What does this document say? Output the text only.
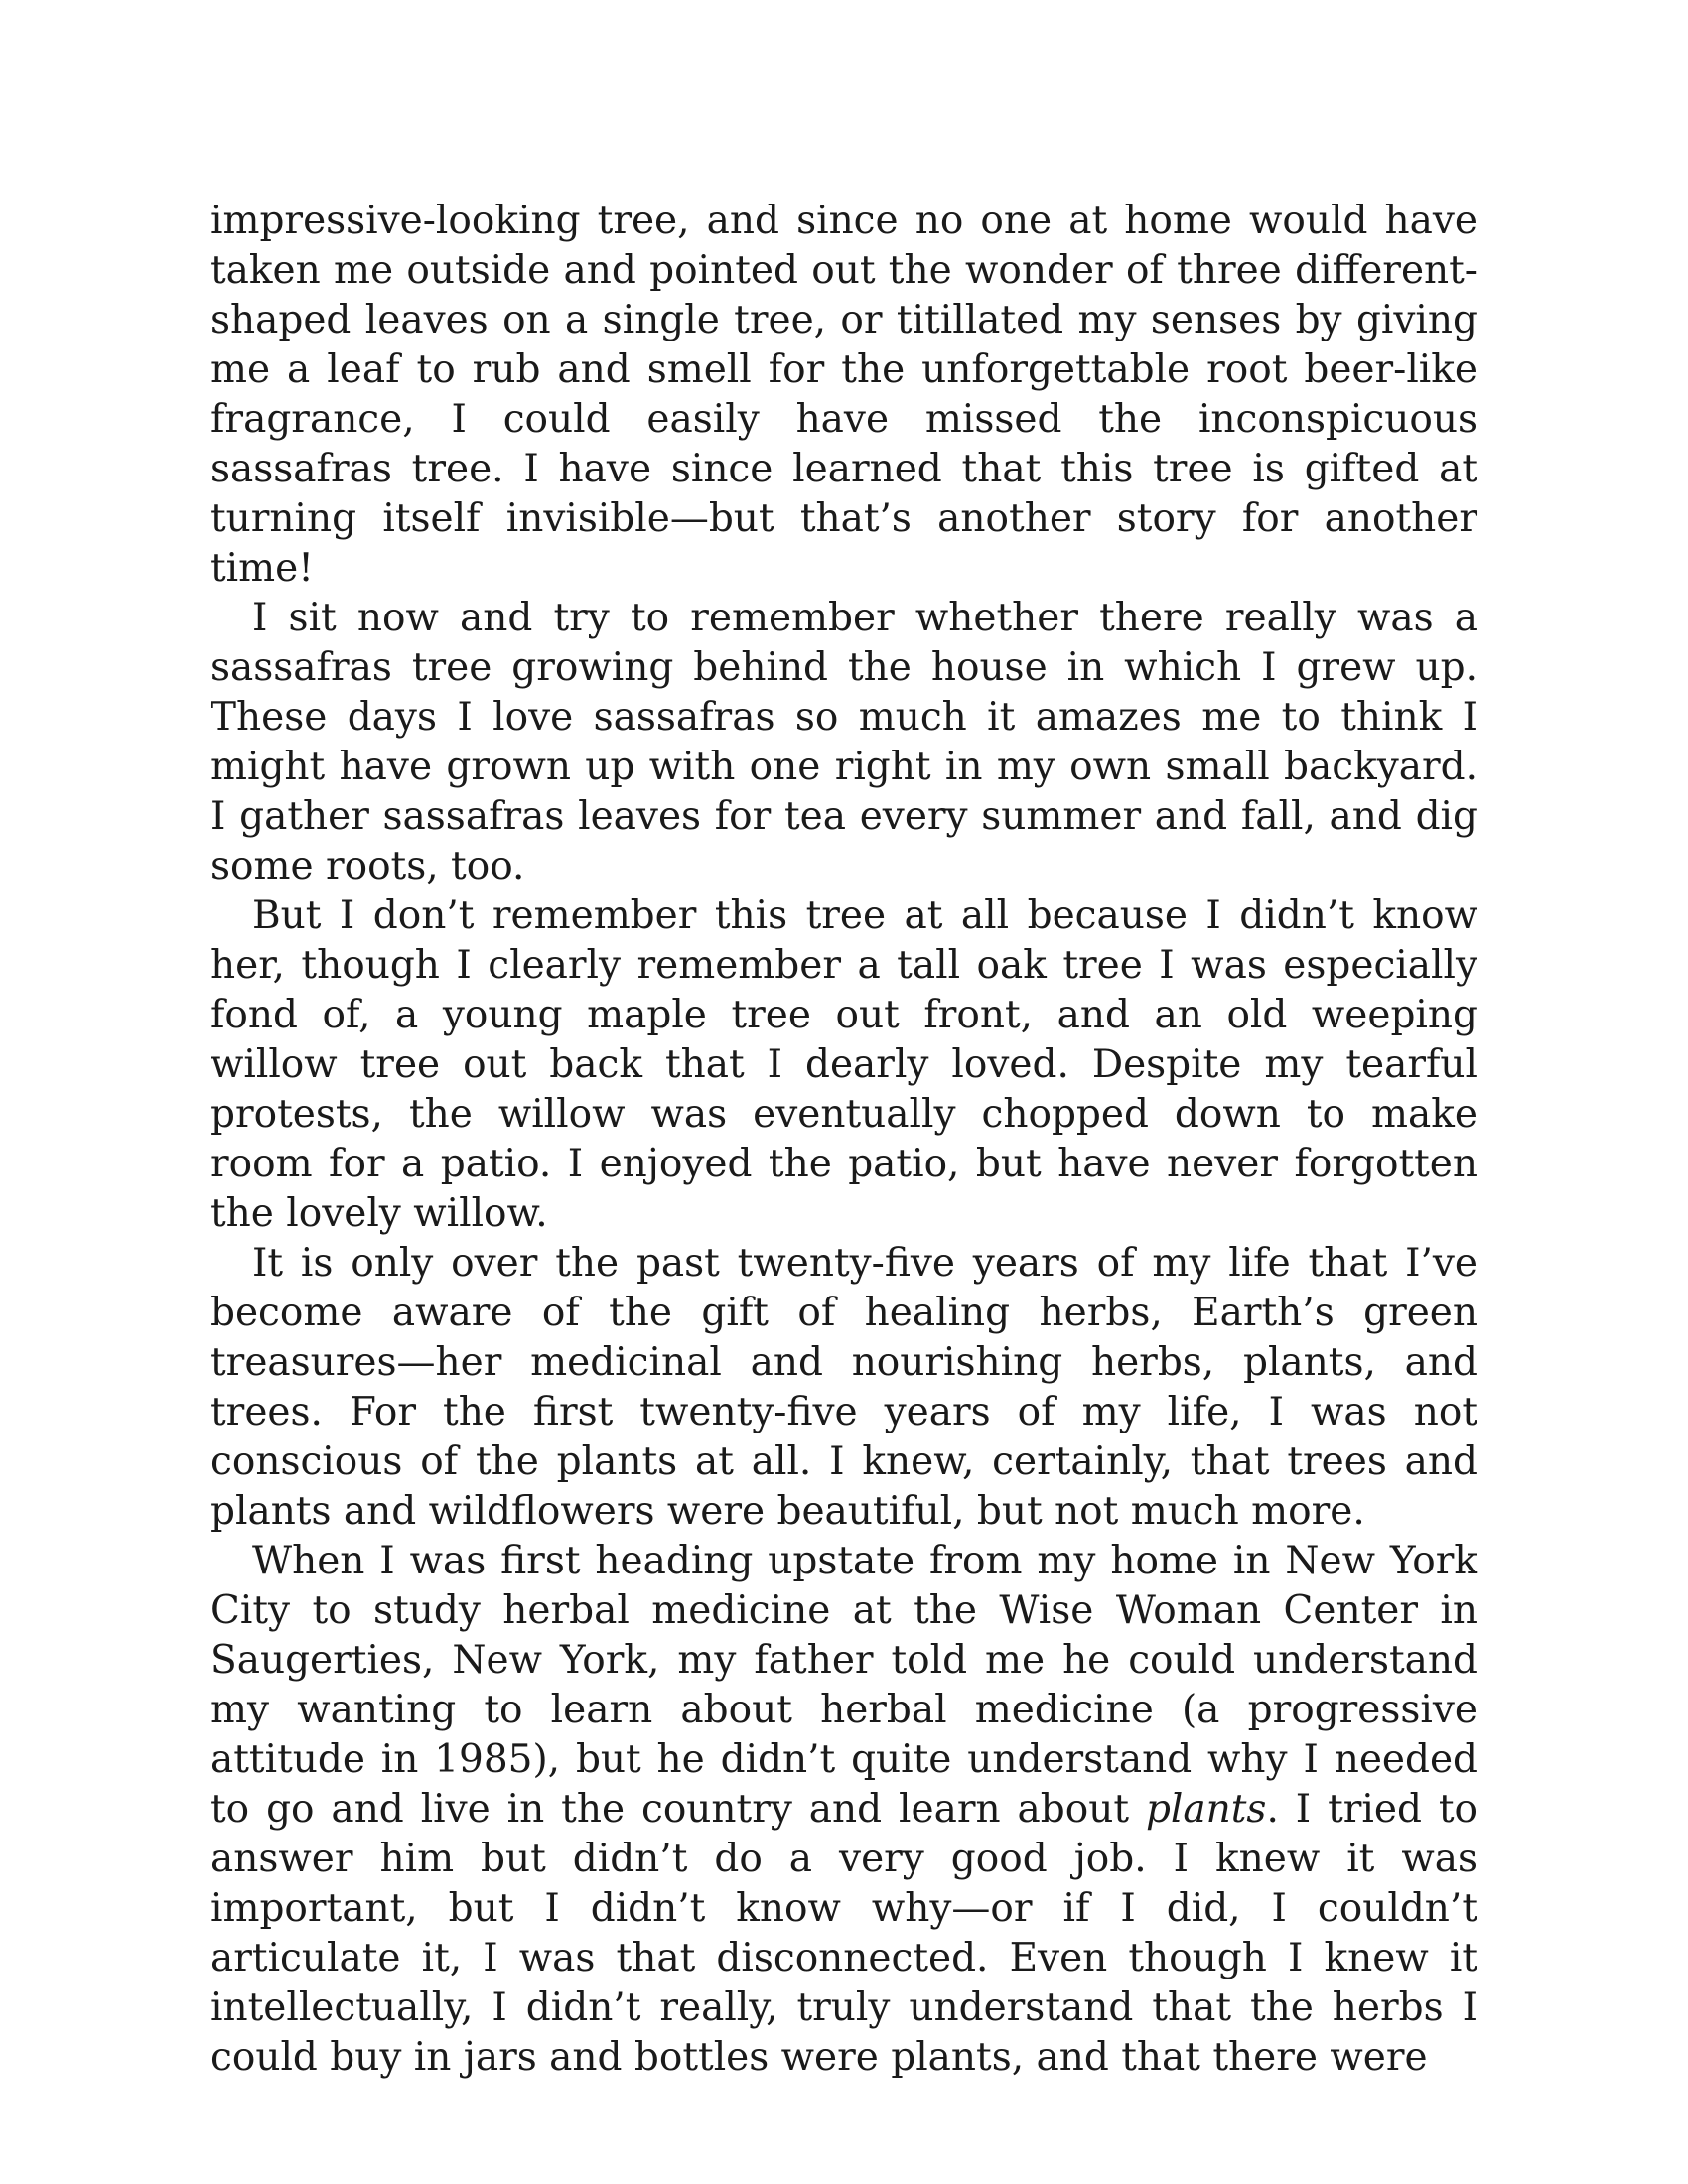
impressive-looking tree, and since no one at home would have taken me outside and pointed out the wonder of three different-shaped leaves on a single tree, or titillated my senses by giving me a leaf to rub and smell for the unforgettable root beer-like fragrance, I could easily have missed the inconspicuous sassafras tree. I have since learned that this tree is gifted at turning itself invisible—but that’s another story for another time!

I sit now and try to remember whether there really was a sassafras tree growing behind the house in which I grew up. These days I love sassafras so much it amazes me to think I might have grown up with one right in my own small backyard. I gather sassafras leaves for tea every summer and fall, and dig some roots, too.

But I don’t remember this tree at all because I didn’t know her, though I clearly remember a tall oak tree I was especially fond of, a young maple tree out front, and an old weeping willow tree out back that I dearly loved. Despite my tearful protests, the willow was eventually chopped down to make room for a patio. I enjoyed the patio, but have never forgotten the lovely willow.

It is only over the past twenty-five years of my life that I’ve become aware of the gift of healing herbs, Earth’s green treasures—her medicinal and nourishing herbs, plants, and trees. For the first twenty-five years of my life, I was not conscious of the plants at all. I knew, certainly, that trees and plants and wildflowers were beautiful, but not much more.

When I was first heading upstate from my home in New York City to study herbal medicine at the Wise Woman Center in Saugerties, New York, my father told me he could understand my wanting to learn about herbal medicine (a progressive attitude in 1985), but he didn’t quite understand why I needed to go and live in the country and learn about plants. I tried to answer him but didn’t do a very good job. I knew it was important, but I didn’t know why—or if I did, I couldn’t articulate it, I was that disconnected. Even though I knew it intellectually, I didn’t really, truly understand that the herbs I could buy in jars and bottles were plants, and that there were
